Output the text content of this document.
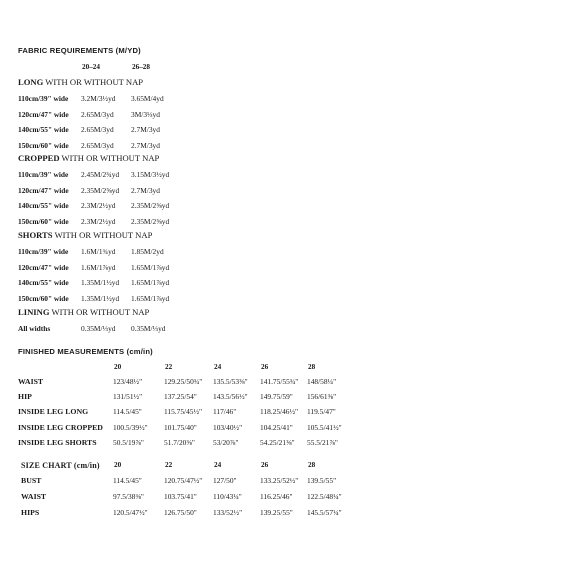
FABRIC REQUIREMENTS (M/YD)
20–24	26–28
LONG WITH OR WITHOUT NAP
110cm/39" wide 3.2M/3½yd 3.65M/4yd
120cm/47" wide 2.65M/3yd 3M/3⅓yd
140cm/55" wide 2.65M/3yd 2.7M/3yd
150cm/60" wide 2.65M/3yd 2.7M/3yd
CROPPED WITH OR WITHOUT NAP
110cm/39" wide 2.45M/2¾yd 3.15M/3½yd
120cm/47" wide 2.35M/2⅝yd 2.7M/3yd
140cm/55" wide 2.3M/2½yd 2.35M/2⅝yd
150cm/60" wide 2.3M/2½yd 2.35M/2⅝yd
SHORTS WITH OR WITHOUT NAP
110cm/39" wide 1.6M/1¾yd 1.85M/2yd
120cm/47" wide 1.6M/1⅞yd 1.65M/1⅞yd
140cm/55" wide 1.35M/1½yd 1.65M/1⅞yd
150cm/60" wide 1.35M/1½yd 1.65M/1⅞yd
LINING WITH OR WITHOUT NAP
All widths	0.35M/⅓yd 0.35M/⅓yd
FINISHED MEASUREMENTS (cm/in)
20	22	24	26	28
WAIST	123/48½"	129.25/50¾" 135.5/53⅜" 141.75/55¾" 148/58¼"
HIP	131/51½"	137.25/54" 143.5/56½" 149.75/59" 156/61⅜"
INSIDE LEG LONG	114.5/45"	115.75/45½" 117/46"	118.25/46½" 119.5/47"
INSIDE LEG CROPPED 100.5/39½" 101.75/40" 103/40½" 104.25/41" 105.5/41½"
INSIDE LEG SHORTS 50.5/19⅞"	51.7/20⅜" 53/20⅞"	54.25/21⅜" 55.5/21⅞"
SIZE CHART (cm/in) 20	22	24	26	28
BUST	114.5/45"	120.75/47½" 127/50"	133.25/52½" 139.5/55"
WAIST	97.5/38⅜"	103.75/41" 110/43¼" 116.25/46" 122.5/48¼"
HIPS	120.5/47½" 126.75/50" 133/52½" 139.25/55" 145.5/57¼"
